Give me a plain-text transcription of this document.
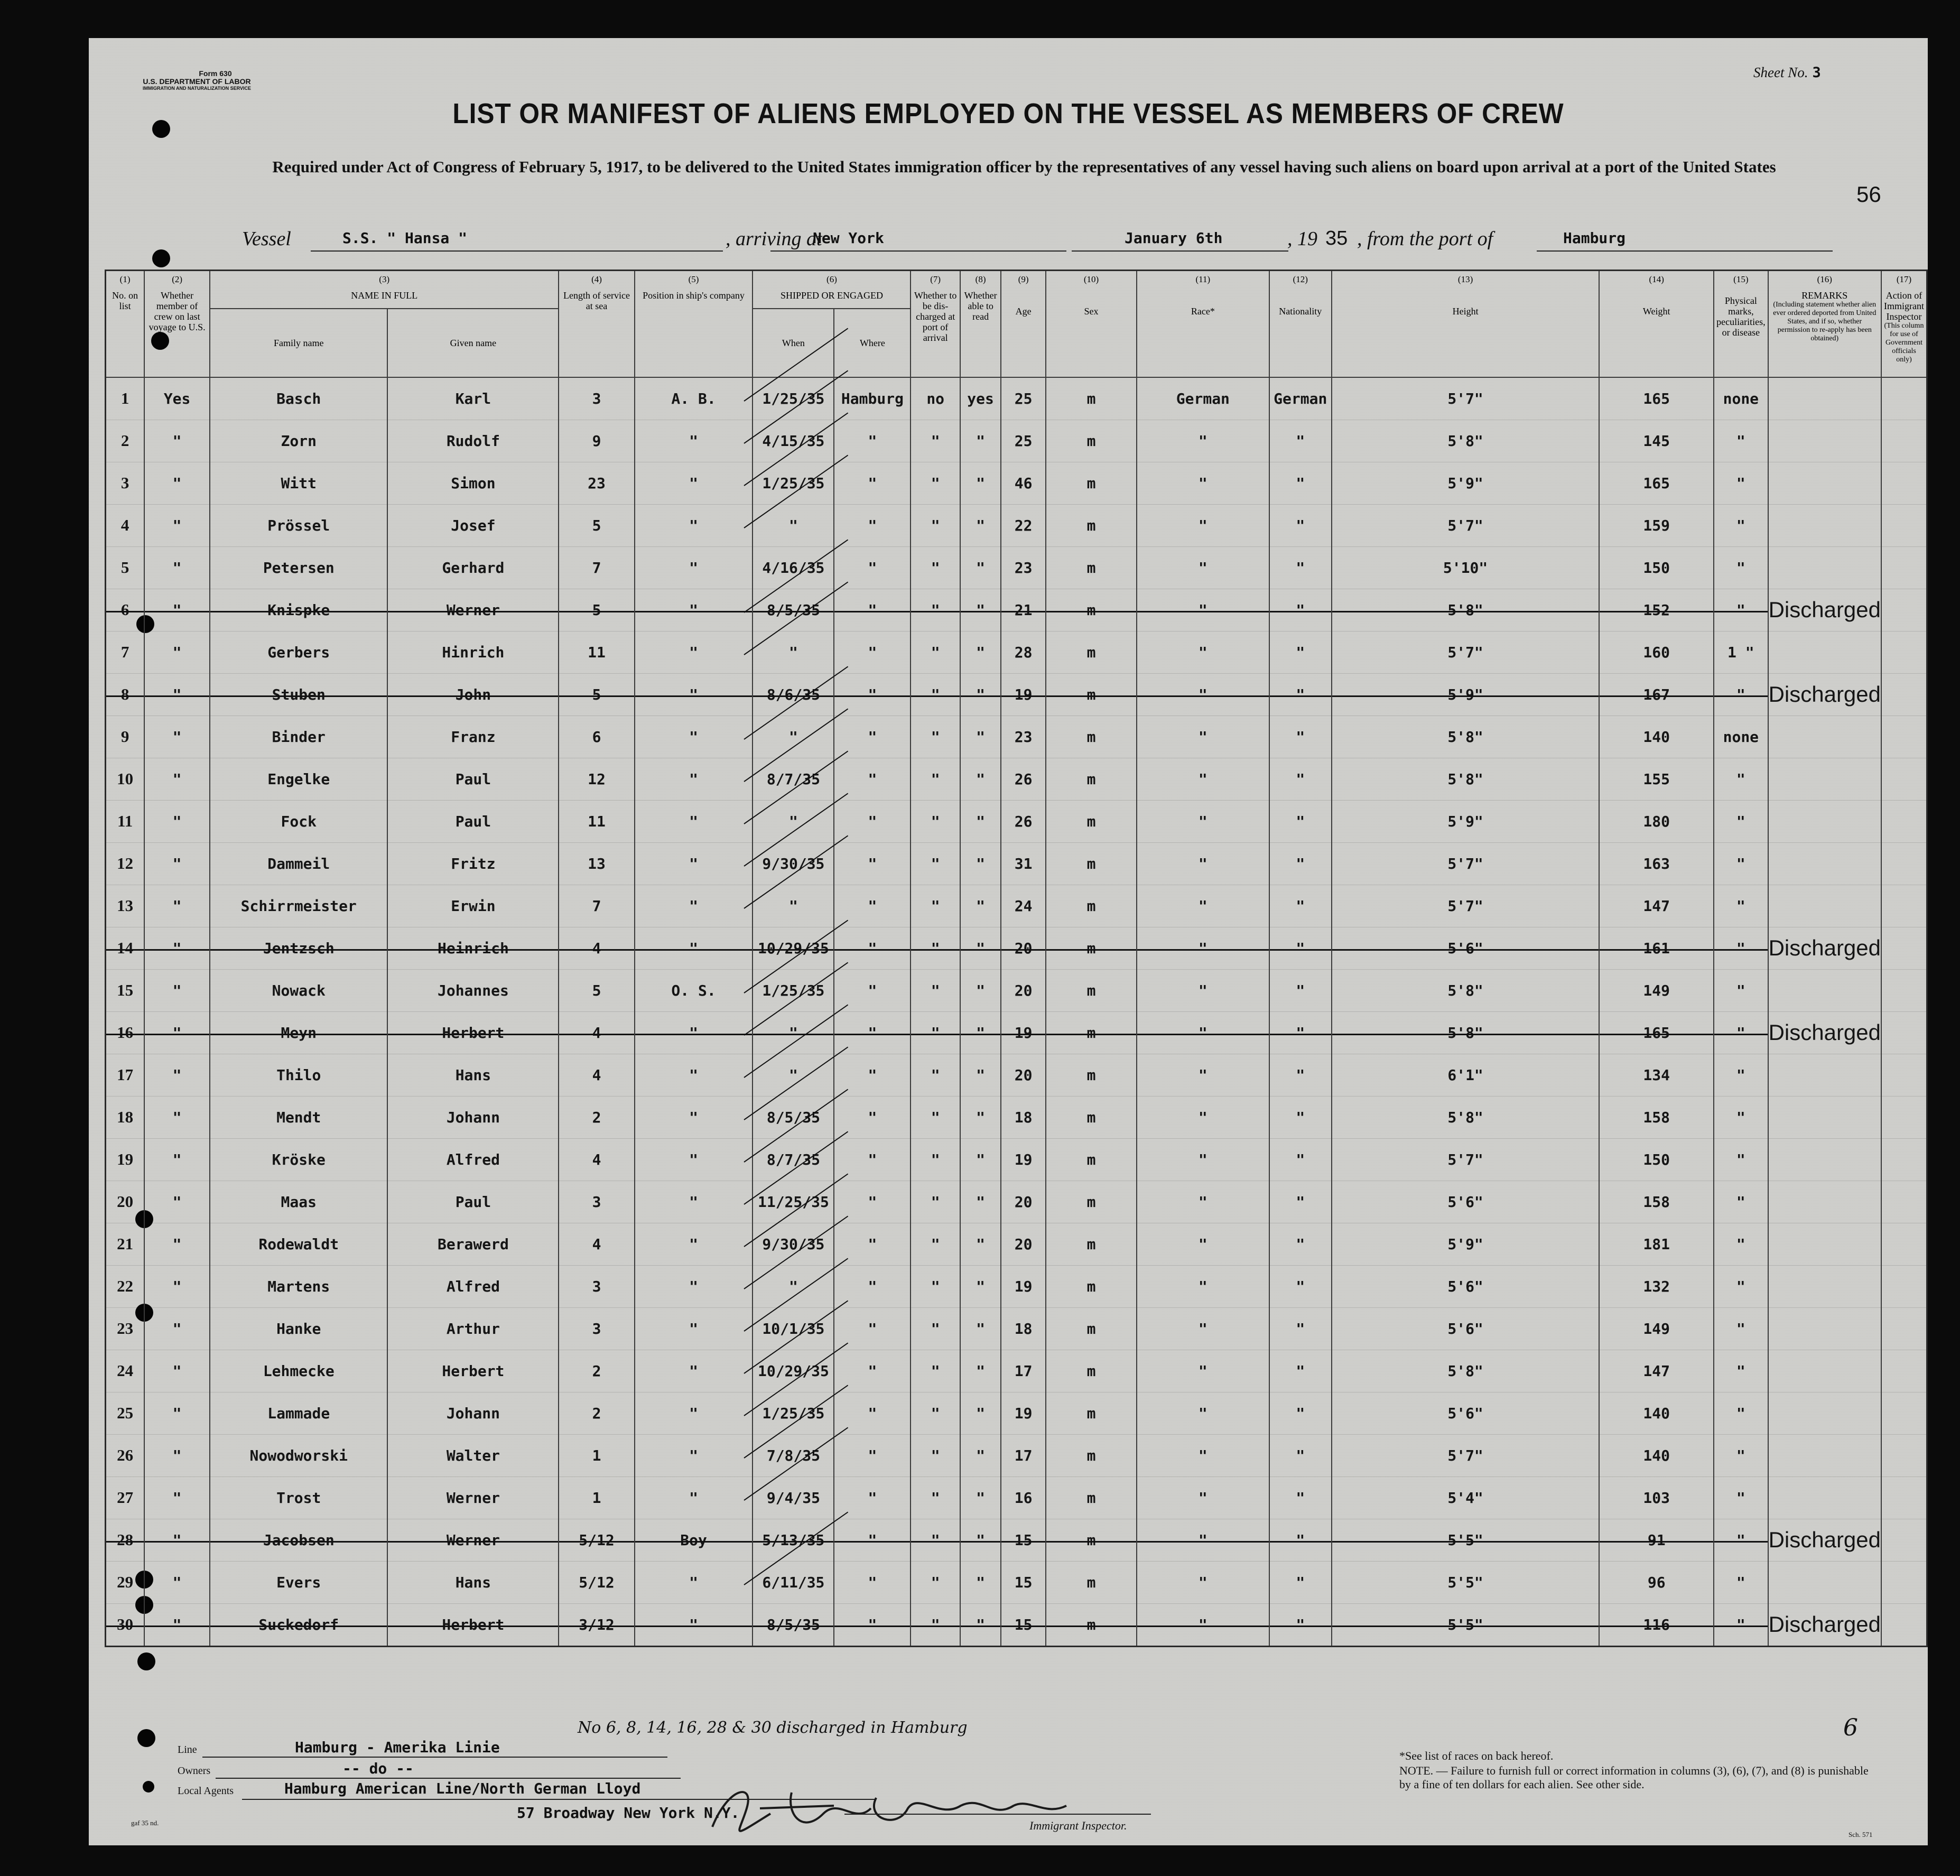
Form 630
U.S. DEPARTMENT OF LABOR
IMMIGRATION AND NATURALIZATION SERVICE
Sheet No. 3
LIST OR MANIFEST OF ALIENS EMPLOYED ON THE VESSEL AS MEMBERS OF CREW
Required under Act of Congress of February 5, 1917, to be delivered to the United States immigration officer by the representatives of any vessel having such aliens on board upon arrival at a port of the United States
56
Vessel	S.S. " Hansa "	, arriving at
New York	January 6th	, 19 35 , from the port of	Hamburg
(1)
No. on list	(2)
Whether member of crew on last voyage to U.S.	(3)
NAME IN FULL		(4)
Length of service at sea	(5)
Position in ship's company	(6)
SHIPPED OR ENGAGED		(7)
Whether to be dis- charged at port of arrival	(8)
Whether able to read	(9)
Age	(10)
Sex	(11)
Race*	(12)
Nationality	(13)
Height	(14)
Weight	(15)
Physical marks, peculiarities, or disease	(16)
REMARKS
(Including statement whether alien ever ordered deported from United States, and if so, whether permission to re-apply has been obtained)	(17)
Action of Immigrant Inspector
(This column for use of Government officials only)

		Family name	Given name			When	Where											
1	Yes	Basch	Karl	3	A. B.	1/25/35	Hamburg	no	yes	25	m	German	German	5'7"	165	none		
2	"	Zorn	Rudolf	9	"	4/15/35	"	"	"	25	m	"	"	5'8"	145	"		
3	"	Witt	Simon	23	"	1/25/35	"	"	"	46	m	"	"	5'9"	165	"		
4	"	Prössel	Josef	5	"	"	"	"	"	22	m	"	"	5'7"	159	"		
5	"	Petersen	Gerhard	7	"	4/16/35	"	"	"	23	m	"	"	5'10"	150	"		
6	"	Knispke	Werner	5	"	8/5/35	"	"	"	21	m	"	"	5'8"	152	"	Discharged	
7	"	Gerbers	Hinrich	11	"	"	"	"	"	28	m	"	"	5'7"	160	1 "		
8	"	Stuben	John	5	"	8/6/35	"	"	"	19	m	"	"	5'9"	167	"	Discharged	
9	"	Binder	Franz	6	"	"	"	"	"	23	m	"	"	5'8"	140	none		
10	"	Engelke	Paul	12	"	8/7/35	"	"	"	26	m	"	"	5'8"	155	"		
11	"	Fock	Paul	11	"	"	"	"	"	26	m	"	"	5'9"	180	"		
12	"	Dammeil	Fritz	13	"	9/30/35	"	"	"	31	m	"	"	5'7"	163	"		
13	"	Schirrmeister	Erwin	7	"	"	"	"	"	24	m	"	"	5'7"	147	"		
14	"	Jentzsch	Heinrich	4	"	10/29/35	"	"	"	20	m	"	"	5'6"	161	"	Discharged	
15	"	Nowack	Johannes	5	O. S.	1/25/35	"	"	"	20	m	"	"	5'8"	149	"		
16	"	Meyn	Herbert	4	"	"	"	"	"	19	m	"	"	5'8"	165	"	Discharged	
17	"	Thilo	Hans	4	"	"	"	"	"	20	m	"	"	6'1"	134	"		
18	"	Mendt	Johann	2	"	8/5/35	"	"	"	18	m	"	"	5'8"	158	"		
19	"	Kröske	Alfred	4	"	8/7/35	"	"	"	19	m	"	"	5'7"	150	"		
20	"	Maas	Paul	3	"	11/25/35	"	"	"	20	m	"	"	5'6"	158	"		
21	"	Rodewaldt	Berawerd	4	"	9/30/35	"	"	"	20	m	"	"	5'9"	181	"		
22	"	Martens	Alfred	3	"	"	"	"	"	19	m	"	"	5'6"	132	"		
23	"	Hanke	Arthur	3	"	10/1/35	"	"	"	18	m	"	"	5'6"	149	"		
24	"	Lehmecke	Herbert	2	"	10/29/35	"	"	"	17	m	"	"	5'8"	147	"		
25	"	Lammade	Johann	2	"	1/25/35	"	"	"	19	m	"	"	5'6"	140	"		
26	"	Nowodworski	Walter	1	"	7/8/35	"	"	"	17	m	"	"	5'7"	140	"		
27	"	Trost	Werner	1	"	9/4/35	"	"	"	16	m	"	"	5'4"	103	"		
28	"	Jacobsen	Werner	5/12	Boy	5/13/35	"	"	"	15	m	"	"	5'5"	91	"	Discharged	
29	"	Evers	Hans	5/12	"	6/11/35	"	"	"	15	m	"	"	5'5"	96	"		
30	"	Suckedorf	Herbert	3/12	"	8/5/35	"	"	"	15	m	"	"	5'5"	116	"	Discharged	
Line	Hamburg - Amerika Linie
No 6, 8, 14, 16, 28 & 30 discharged in Hamburg
Owners	-- do --
Local Agents	Hamburg American Line/North German Lloyd
57 Broadway New York N.Y.
Immigrant Inspector.
*See list of races on back hereof.
NOTE. — Failure to furnish full or correct information in columns (3), (6), (7), and (8) is punishable by a fine of ten dollars for each alien. See other side.
6
gaf 35 nd.
Sch. 571
